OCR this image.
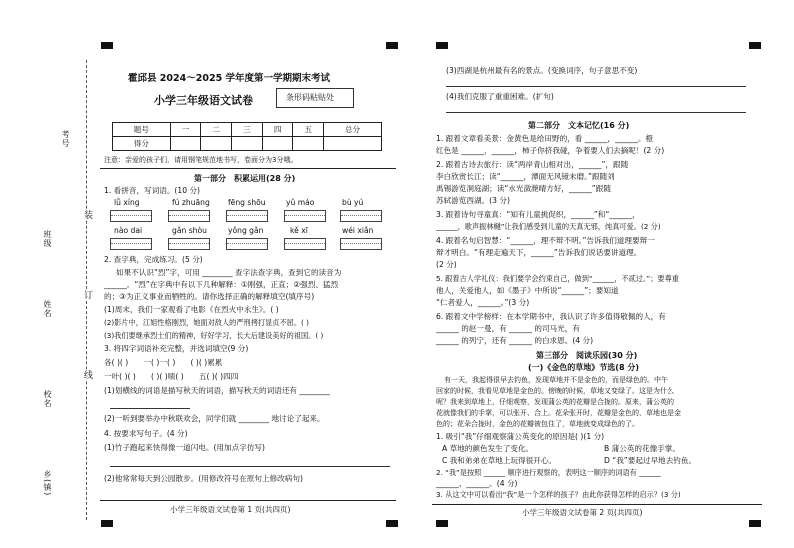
考号
班级
姓名
校名
乡(镇)
装
订
线
霍邱县 2024～2025 学年度第一学期期末考试
小学三年级语文试卷	条形码粘贴处
题号	一	二	三	四	五	总分
得分						
注意：亲爱的孩子们，请用钢笔规范地书写，卷面分为3分哦。
第一部分　积累运用(28 分)
1. 看拼音，写词语。(10 分)
lǚ xíng	fú zhuāng fēng shōu	yǔ máo	bù yú
nào dai	gǎn shòu	yǒng gǎn	kě xī	wéi xiǎn
2. 查字典，完成练习。(5 分)
如果不认识“烈”字，可用 ________ 查字法查字典，查到它的读音为
______。“烈”在字典中有以下几种解释：①刚强，正直；②强烈、猛烈
的；③为正义事业而牺牲的。请你选择正确的解释填空(填序号)
(1)周末，我们一家观看了电影《在烈火中永生》。( )
(2)影片中，江姐性格刚烈，她面对敌人的严刑拷打显贞不屈。( )
(3)我们要继承烈士们的精神，好好学习，长大后建设美好的祖国。( )
3. 将四字词语补充完整，并选词填空(9 分)
各( )( )　　一( )一( )　　( )( )累累
一叶( )( )　　( )( )啧( )　　五( )( )四四
(1)划横线的词语是描写秋天的词语，描写秋天的词语还有 ________
(2)一听到要举办中秋联欢会，同学们就 ________ 地讨论了起来。
4. 按要求写句子。(4 分)
(1)竹子跑起来快得像一道闪电。(用加点字仿写)
(2)他常常每天到公园散步。(用修改符号在原句上修改病句)
小学三年级语文试卷第 1 页(共四页)
(3)西湖是杭州最有名的景点。(变换词序，句子意思不变)
(4)我们克服了重重困难。(扩句)
第二部分　文本记忆(16 分)
1. 跟着文章看美景：金黄色是给田野的，看 ______，______。橙
红色是 ______，______，柿子你挤我碰，争着要人们去摘呢！(2 分)
2. 跟着古诗去旅行：读“两岸青山相对出，______”，跟随
李白欣赏长江；读“______，潭面无风镜未磨。”跟随刘
禹锡游览洞庭湖；读“水光潋滟晴方好，______”跟随
苏轼游览西湖。(3 分)
3. 跟着诗句寻童真：“知有儿童挑促织，______”和“______，
______，歌声振林樾”让我们感受到儿童的天真无邪，纯真可爱。(2 分)
4. 跟着名句启智慧：“______，理不辩不明。”告诉我们道理要辩一
辩才明白。“有理走遍天下，______”告诉我们说话要讲道理。
(2 分)
5. 跟着古人学礼仪：我们要学会约束自己，做到“______，不贰过。”；要尊重
他人，关爱他人，如《墨子》中所说“______”；要知道
“仁者爱人，______。”(3 分)
6. 跟着文中学榜样：在本学期书中，我认识了许多值得敬佩的人，有
______ 的赵一曼，有 ______ 的司马光，有
______ 的列宁，还有 ______ 的白求恩。(4 分)
第三部分　阅读乐园(30 分)
(一)《金色的草地》节选(8 分)
有一天，我起得很早去钓鱼，发现草地并不是金色的，而是绿色的。中午
回家的时候，我看见草地是金色的。傍晚的时候，草地又变绿了。这是为什么
呢？我来到草地上，仔细观察，发现蒲公英的花瓣是合拢的。原来，蒲公英的
花就像我们的手掌，可以张开、合上。花朵张开时，花瓣是金色的，草地也是金
色的；花朵合拢时，金色的花瓣被包住了，草地就变成绿色的了。
1. 吸引“我”仔细观察蒲公英变化的原因是( )(1 分)
A 草地的颜色发生了变化。	B 蒲公英的花像手掌。
C 我和弟弟在草地上玩得很开心。	D “我”要起过早地去钓鱼。
2. “我”是按照 ______ 顺序进行观察的，表明这一顺序的词语有 ______
______、______。(4 分)
3. 从这文中可以看出“我”是一个怎样的孩子？由此你获得怎样的启示？(3 分)
小学三年级语文试卷第 2 页(共四页)
